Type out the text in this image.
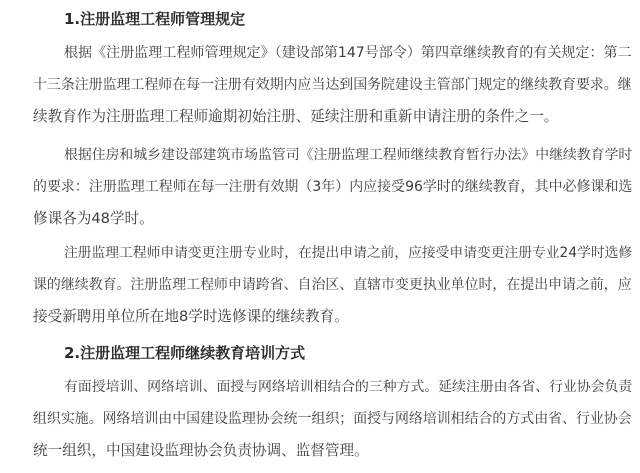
1.注册监理工程师管理规定
根据《注册监理工程师管理规定》（建设部第147号部令）第四章继续教育的有关规定：第二
十三条注册监理工程师在每一注册有效期内应当达到国务院建设主管部门规定的继续教育要求。继
续教育作为注册监理工程师逾期初始注册、延续注册和重新申请注册的条件之一。
根据住房和城乡建设部建筑市场监管司《注册监理工程师继续教育暂行办法》中继续教育学时
的要求：注册监理工程师在每一注册有效期（3年）内应接受96学时的继续教育，其中必修课和选
修课各为48学时。
注册监理工程师申请变更注册专业时，在提出申请之前，应接受申请变更注册专业24学时选修
课的继续教育。注册监理工程师申请跨省、自治区、直辖市变更执业单位时，在提出申请之前，应
接受新聘用单位所在地8学时选修课的继续教育。
2.注册监理工程师继续教育培训方式
有面授培训、网络培训、面授与网络培训相结合的三种方式。延续注册由各省、行业协会负责
组织实施。网络培训由中国建设监理协会统一组织；面授与网络培训相结合的方式由省、行业协会
统一组织，中国建设监理协会负责协调、监督管理。
